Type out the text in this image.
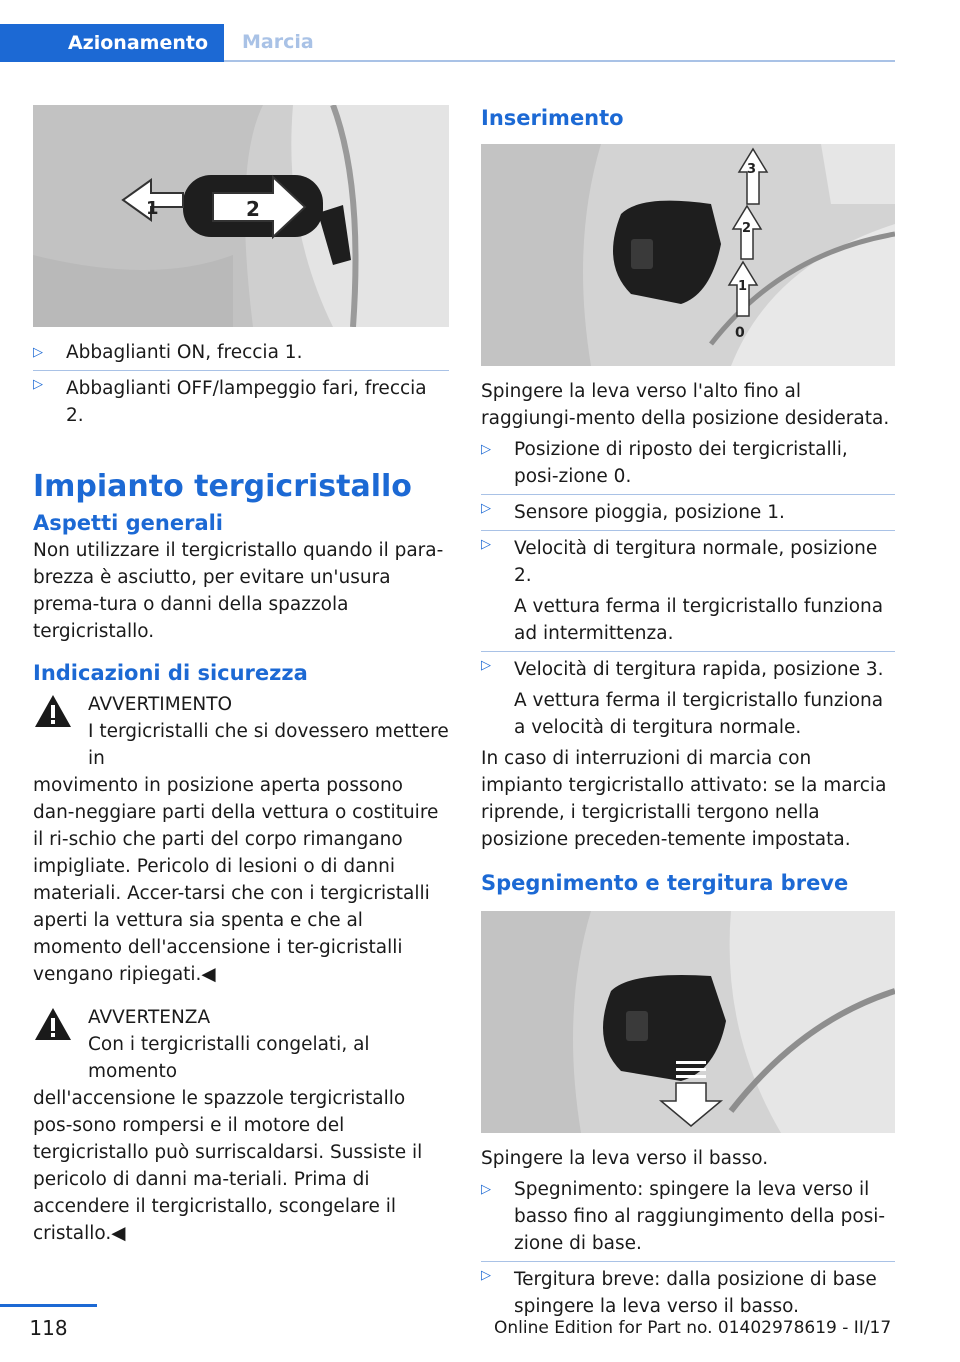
Azionamento	Marcia
1	2
▷ Abbaglianti ON, freccia 1.

▷ Abbaglianti OFF/lampeggio fari, freccia 2.

Impianto tergicristallo
Aspetti generali

Non utilizzare il tergicristallo quando il para-brezza è asciutto, per evitare un'usura prema-tura o danni della spazzola tergicristallo.

Indicazioni di sicurezza

AVVERTIMENTO

I tergicristalli che si dovessero mettere in

movimento in posizione aperta possono dan-neggiare parti della vettura o costituire il ri-schio che parti del corpo rimangano impigliate. Pericolo di lesioni o di danni materiali. Accer-tarsi che con i tergicristalli aperti la vettura sia spenta e che al momento dell'accensione i ter-gicristalli vengano ripiegati.◀

AVVERTENZA

Con i tergicristalli congelati, al momento

dell'accensione le spazzole tergicristallo pos-sono rompersi e il motore del tergicristallo può surriscaldarsi. Sussiste il pericolo di danni ma-teriali. Prima di accendere il tergicristallo, scongelare il cristallo.◀

Inserimento
3
2
1
0

Spingere la leva verso l'alto fino al raggiungi-mento della posizione desiderata.

▷ Posizione di riposto dei tergicristalli, posi-zione 0.

▷ Sensore pioggia, posizione 1.

▷ Velocità di tergitura normale, posizione 2.

A vettura ferma il tergicristallo funziona ad intermittenza.

▷ Velocità di tergitura rapida, posizione 3.

A vettura ferma il tergicristallo funziona a velocità di tergitura normale.

In caso di interruzioni di marcia con impianto tergicristallo attivato: se la marcia riprende, i tergicristalli tergono nella posizione preceden-temente impostata.

Spegnimento e tergitura breve

Spingere la leva verso il basso.

▷ Spegnimento: spingere la leva verso il basso fino al raggiungimento della posi-zione di base.

▷ Tergitura breve: dalla posizione di base spingere la leva verso il basso.

118	Online Edition for Part no. 01402978619 - II/17
